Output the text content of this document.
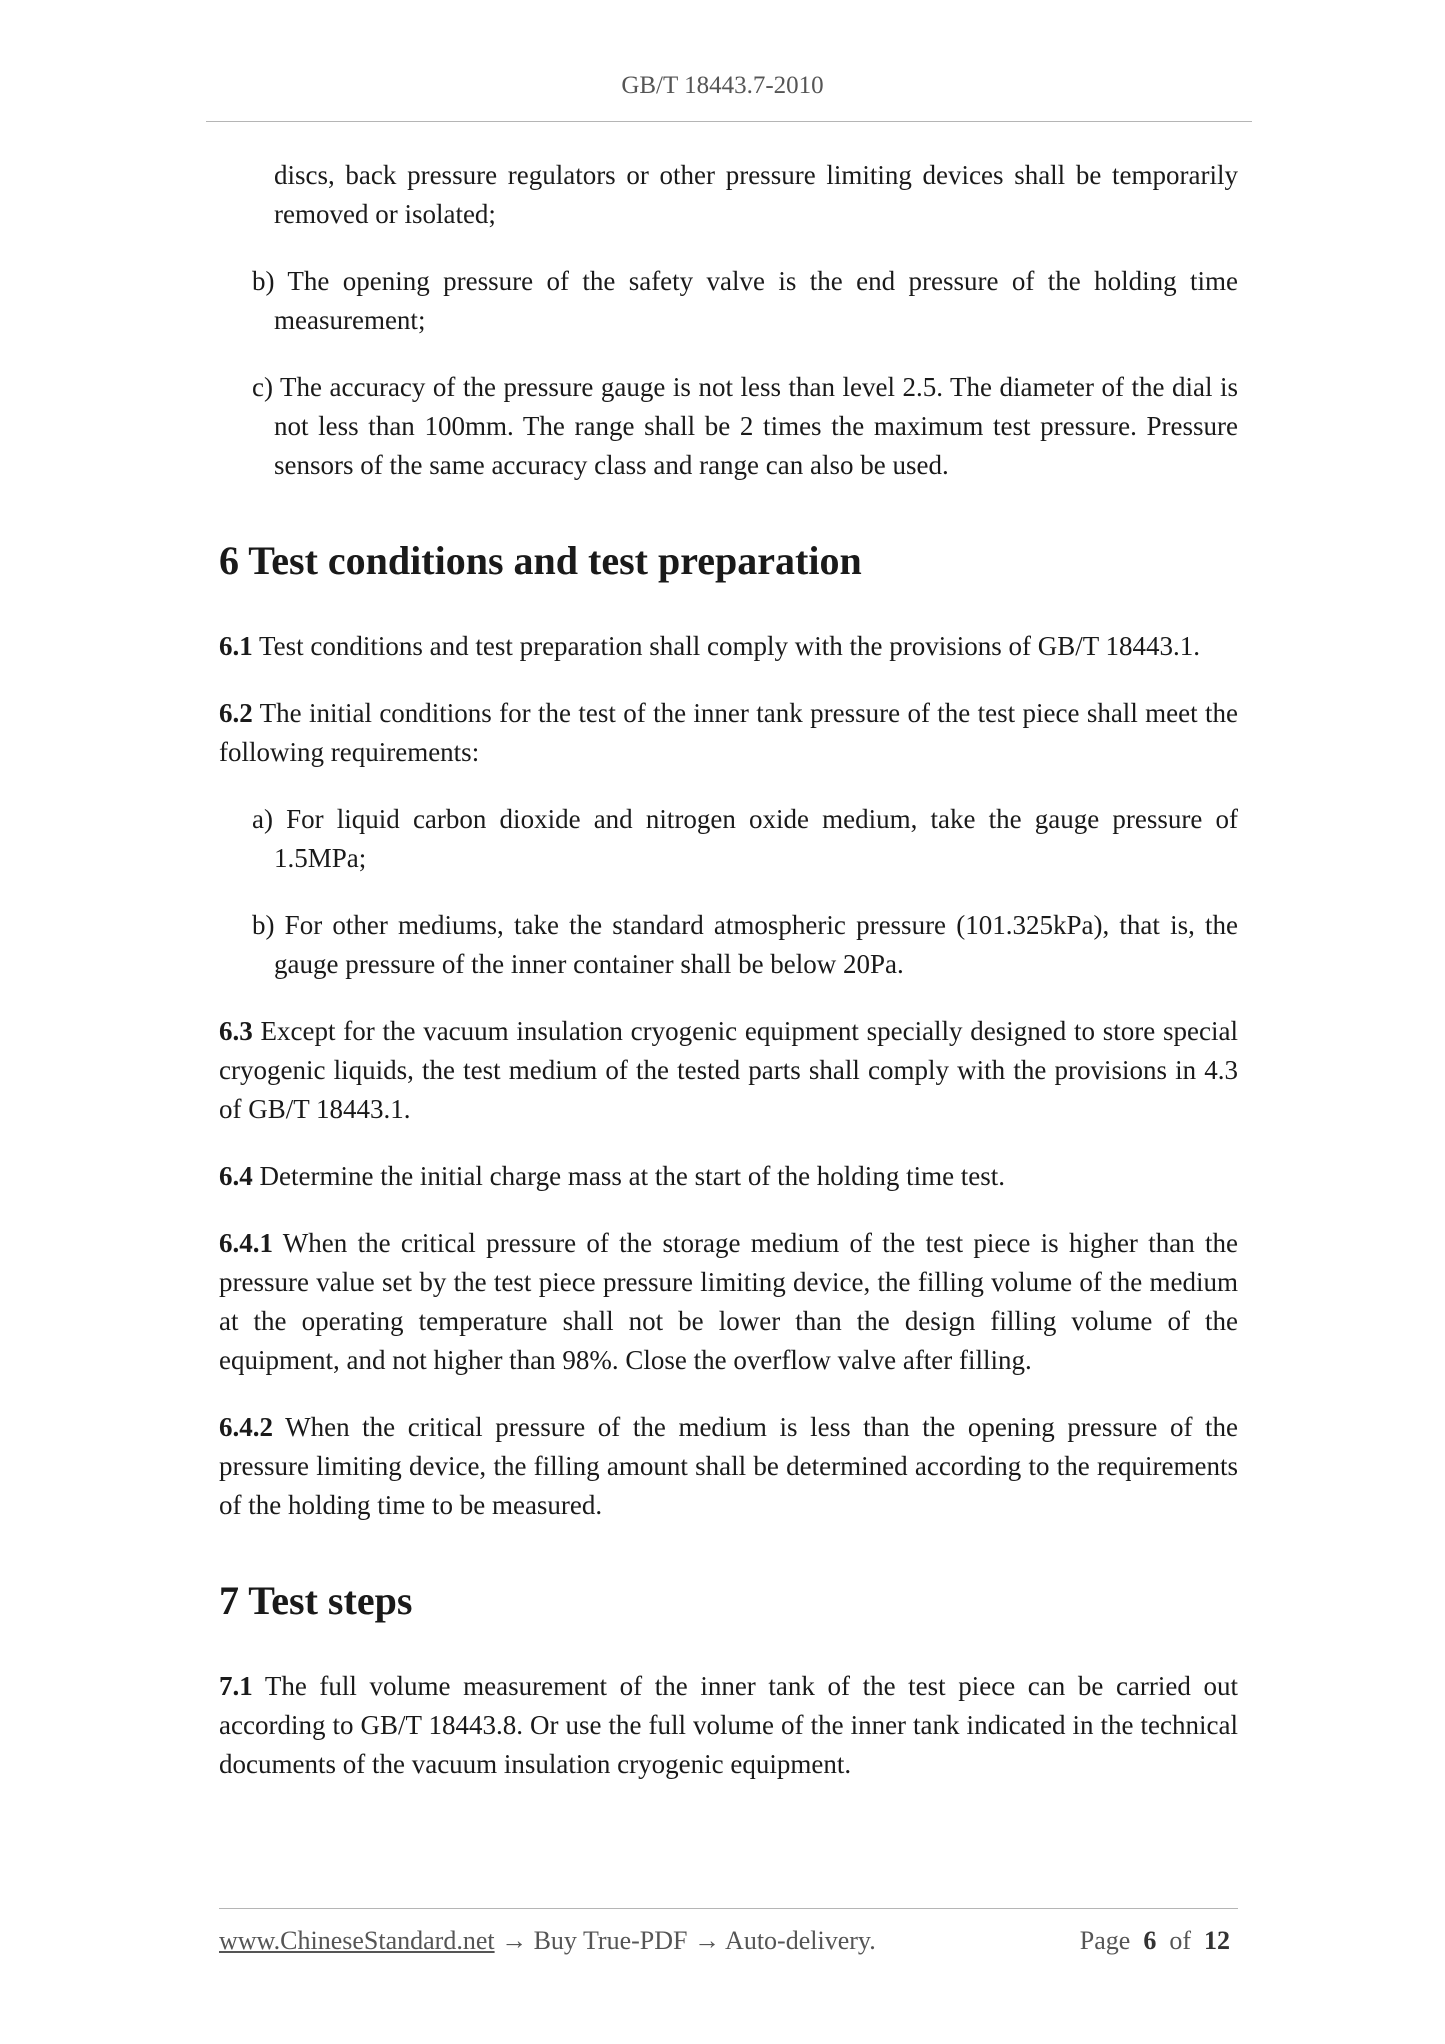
GB/T 18443.7-2010

discs, back pressure regulators or other pressure limiting devices shall be temporarily removed or isolated;

b) The opening pressure of the safety valve is the end pressure of the holding time measurement;

c) The accuracy of the pressure gauge is not less than level 2.5. The diameter of the dial is not less than 100mm. The range shall be 2 times the maximum test pressure. Pressure sensors of the same accuracy class and range can also be used.

6 Test conditions and test preparation

6.1 Test conditions and test preparation shall comply with the provisions of GB/T 18443.1.

6.2 The initial conditions for the test of the inner tank pressure of the test piece shall meet the following requirements:

a) For liquid carbon dioxide and nitrogen oxide medium, take the gauge pressure of 1.5MPa;

b) For other mediums, take the standard atmospheric pressure (101.325kPa), that is, the gauge pressure of the inner container shall be below 20Pa.

6.3 Except for the vacuum insulation cryogenic equipment specially designed to store special cryogenic liquids, the test medium of the tested parts shall comply with the provisions in 4.3 of GB/T 18443.1.

6.4 Determine the initial charge mass at the start of the holding time test.

6.4.1 When the critical pressure of the storage medium of the test piece is higher than the pressure value set by the test piece pressure limiting device, the filling volume of the medium at the operating temperature shall not be lower than the design filling volume of the equipment, and not higher than 98%. Close the overflow valve after filling.

6.4.2 When the critical pressure of the medium is less than the opening pressure of the pressure limiting device, the filling amount shall be determined according to the requirements of the holding time to be measured.

7 Test steps

7.1 The full volume measurement of the inner tank of the test piece can be carried out according to GB/T 18443.8. Or use the full volume of the inner tank indicated in the technical documents of the vacuum insulation cryogenic equipment.

www.ChineseStandard.net → Buy True-PDF → Auto-delivery.	Page 6 of 12
